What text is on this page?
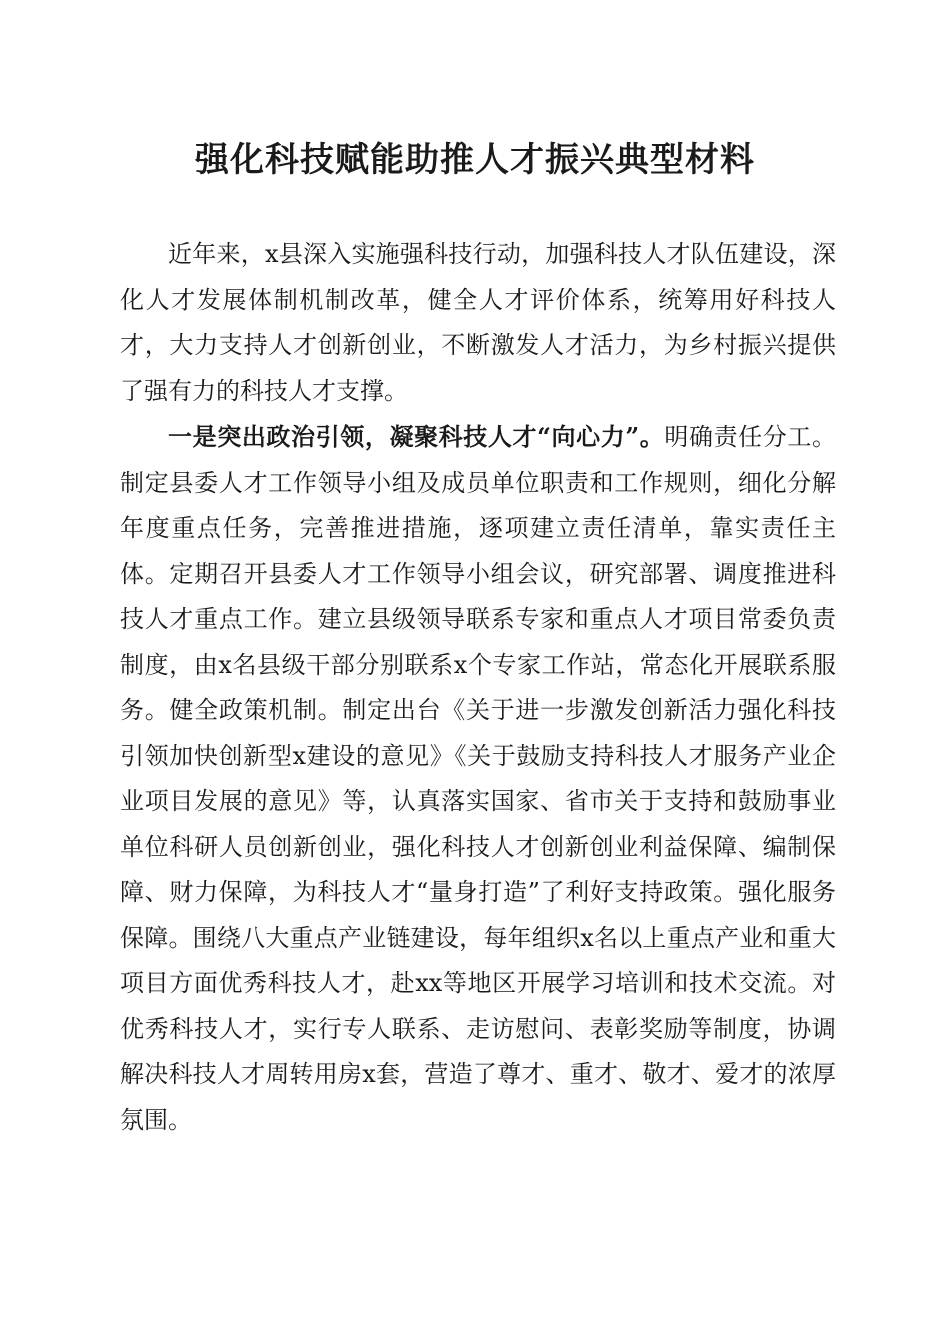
强化科技赋能助推人才振兴典型材料

近年来，x县深入实施强科技行动，加强科技人才队伍建设，深化人才发展体制机制改革，健全人才评价体系，统筹用好科技人才，大力支持人才创新创业，不断激发人才活力，为乡村振兴提供了强有力的科技人才支撑。

一是突出政治引领，凝聚科技人才“向心力”。明确责任分工。制定县委人才工作领导小组及成员单位职责和工作规则，细化分解年度重点任务，完善推进措施，逐项建立责任清单，靠实责任主体。定期召开县委人才工作领导小组会议，研究部署、调度推进科技人才重点工作。建立县级领导联系专家和重点人才项目常委负责制度，由x名县级干部分别联系x个专家工作站，常态化开展联系服务。健全政策机制。制定出台《关于进一步激发创新活力强化科技引领加快创新型x建设的意见》《关于鼓励支持科技人才服务产业企业项目发展的意见》等，认真落实国家、省市关于支持和鼓励事业单位科研人员创新创业，强化科技人才创新创业利益保障、编制保障、财力保障，为科技人才“量身打造”了利好支持政策。强化服务保障。围绕八大重点产业链建设，每年组织x名以上重点产业和重大项目方面优秀科技人才，赴xx等地区开展学习培训和技术交流。对优秀科技人才，实行专人联系、走访慰问、表彰奖励等制度，协调解决科技人才周转用房x套，营造了尊才、重才、敬才、爱才的浓厚氛围。
